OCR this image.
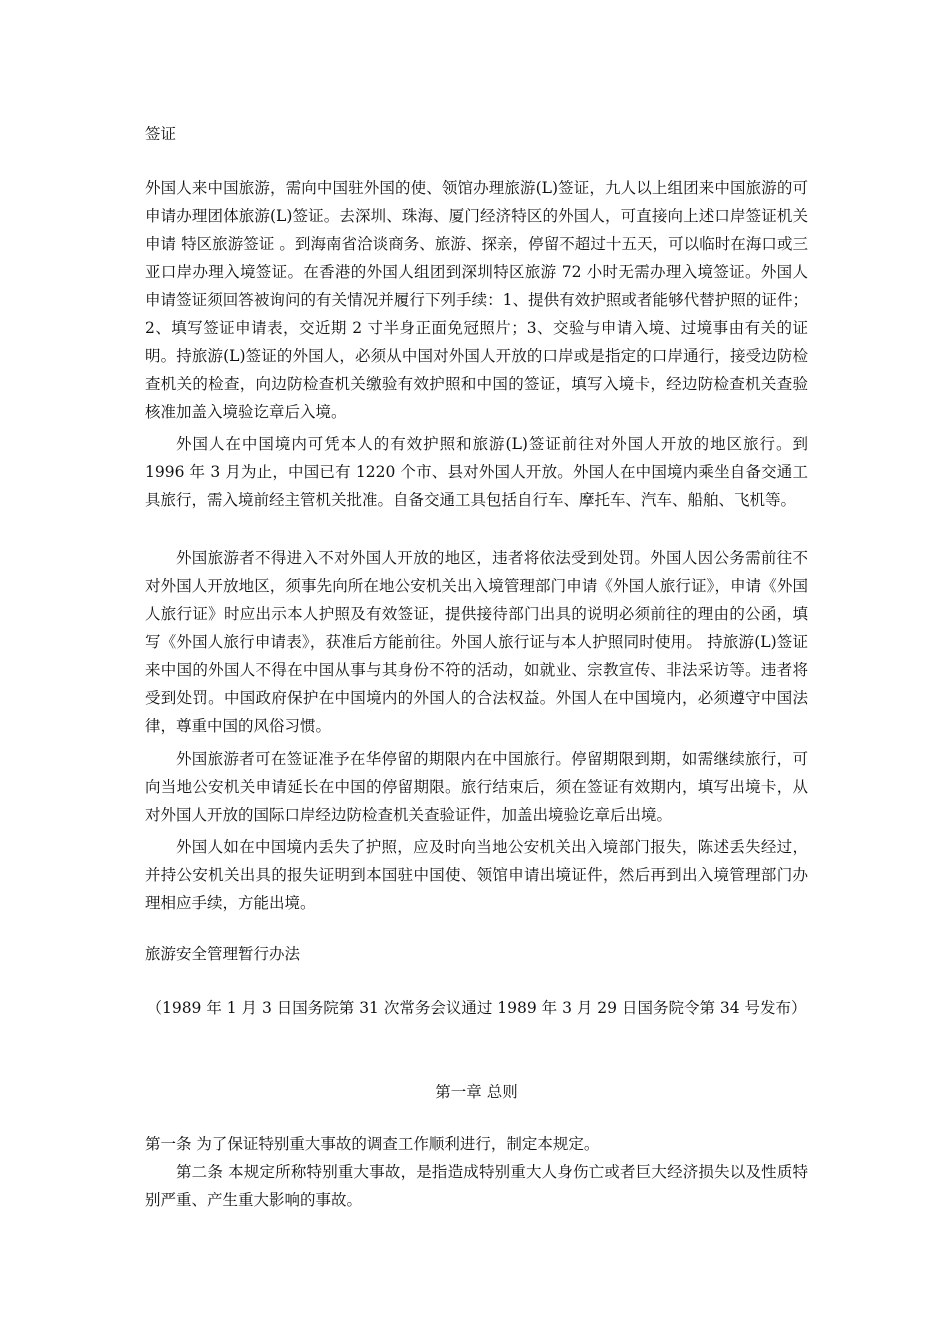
签证
外国人来中国旅游，需向中国驻外国的使、领馆办理旅游(L)签证，九人以上组团来中国旅游的可申请办理团体旅游(L)签证。去深圳、珠海、厦门经济特区的外国人，可直接向上述口岸签证机关申请 特区旅游签证 。到海南省洽谈商务、旅游、探亲，停留不超过十五天，可以临时在海口或三亚口岸办理入境签证。在香港的外国人组团到深圳特区旅游 72 小时无需办理入境签证。外国人申请签证须回答被询问的有关情况并履行下列手续：1、提供有效护照或者能够代替护照的证件；2、填写签证申请表，交近期 2 寸半身正面免冠照片；3、交验与申请入境、过境事由有关的证明。持旅游(L)签证的外国人，必须从中国对外国人开放的口岸或是指定的口岸通行，接受边防检查机关的检查，向边防检查机关缴验有效护照和中国的签证，填写入境卡，经边防检查机关查验核准加盖入境验讫章后入境。
外国人在中国境内可凭本人的有效护照和旅游(L)签证前往对外国人开放的地区旅行。到 1996 年 3 月为止，中国已有 1220 个市、县对外国人开放。外国人在中国境内乘坐自备交通工具旅行，需入境前经主管机关批准。自备交通工具包括自行车、摩托车、汽车、船舶、飞机等。
外国旅游者不得进入不对外国人开放的地区，违者将依法受到处罚。外国人因公务需前往不对外国人开放地区，须事先向所在地公安机关出入境管理部门申请《外国人旅行证》，申请《外国人旅行证》时应出示本人护照及有效签证，提供接待部门出具的说明必须前往的理由的公函，填写《外国人旅行申请表》，获准后方能前往。外国人旅行证与本人护照同时使用。 持旅游(L)签证来中国的外国人不得在中国从事与其身份不符的活动，如就业、宗教宣传、非法采访等。违者将受到处罚。中国政府保护在中国境内的外国人的合法权益。外国人在中国境内，必须遵守中国法律，尊重中国的风俗习惯。
外国旅游者可在签证准予在华停留的期限内在中国旅行。停留期限到期，如需继续旅行，可向当地公安机关申请延长在中国的停留期限。旅行结束后，须在签证有效期内，填写出境卡，从对外国人开放的国际口岸经边防检查机关查验证件，加盖出境验讫章后出境。
外国人如在中国境内丢失了护照，应及时向当地公安机关出入境部门报失，陈述丢失经过，并持公安机关出具的报失证明到本国驻中国使、领馆申请出境证件，然后再到出入境管理部门办理相应手续，方能出境。
旅游安全管理暂行办法
（1989 年 1 月 3 日国务院第 31 次常务会议通过 1989 年 3 月 29 日国务院令第 34 号发布）
第一章 总则
第一条 为了保证特别重大事故的调查工作顺利进行，制定本规定。
第二条 本规定所称特别重大事故，是指造成特别重大人身伤亡或者巨大经济损失以及性质特别严重、产生重大影响的事故。
